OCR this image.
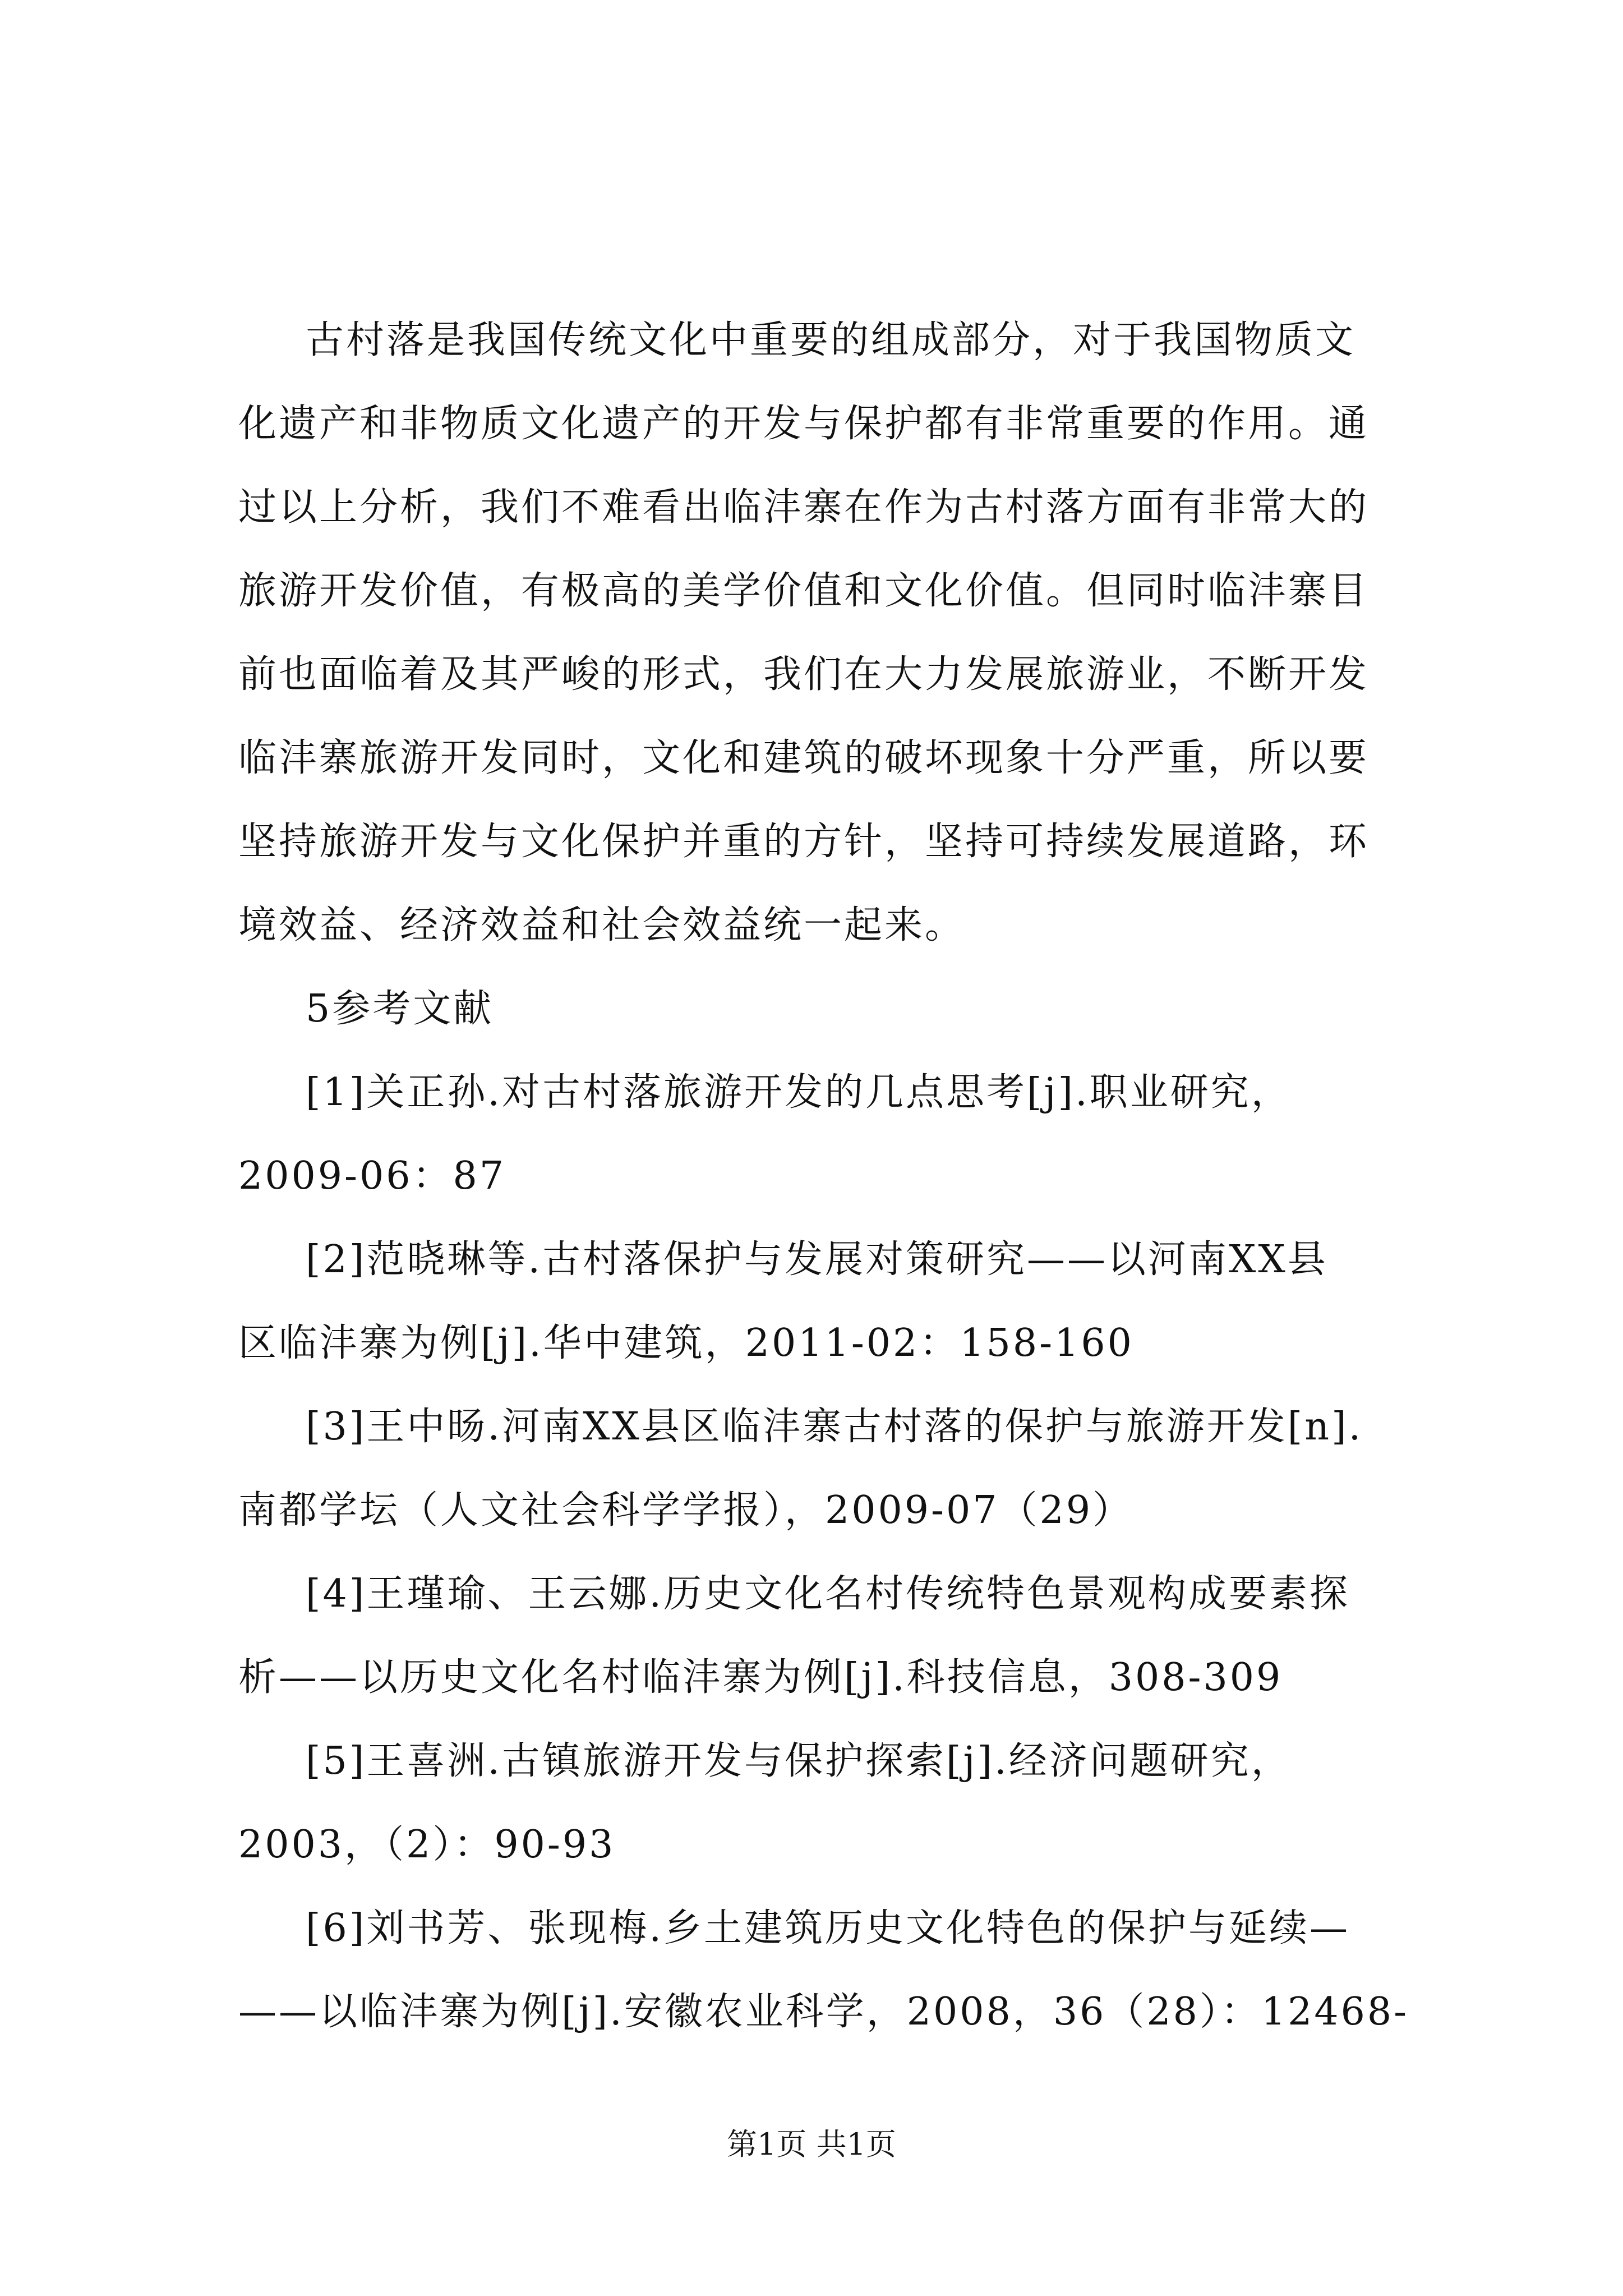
古村落是我国传统文化中重要的组成部分，对于我国物质文
化遗产和非物质文化遗产的开发与保护都有非常重要的作用。通
过以上分析，我们不难看出临沣寨在作为古村落方面有非常大的
旅游开发价值，有极高的美学价值和文化价值。但同时临沣寨目
前也面临着及其严峻的形式，我们在大力发展旅游业，不断开发
临沣寨旅游开发同时，文化和建筑的破坏现象十分严重，所以要
坚持旅游开发与文化保护并重的方针，坚持可持续发展道路，环
境效益、经济效益和社会效益统一起来。
5参考文献
[1]关正孙.对古村落旅游开发的几点思考[j].职业研究，
2009-06：87
[2]范晓琳等.古村落保护与发展对策研究——以河南XX县
区临沣寨为例[j].华中建筑，2011-02：158-160
[3]王中旸.河南XX县区临沣寨古村落的保护与旅游开发[n].
南都学坛（人文社会科学学报），2009-07（29）
[4]王瑾瑜、王云娜.历史文化名村传统特色景观构成要素探
析——以历史文化名村临沣寨为例[j].科技信息，308-309
[5]王喜洲.古镇旅游开发与保护探索[j].经济问题研究，
2003，（2）：90-93
[6]刘书芳、张现梅.乡土建筑历史文化特色的保护与延续—
——以临沣寨为例[j].安徽农业科学，2008，36（28）：12468-
第1页 共1页
